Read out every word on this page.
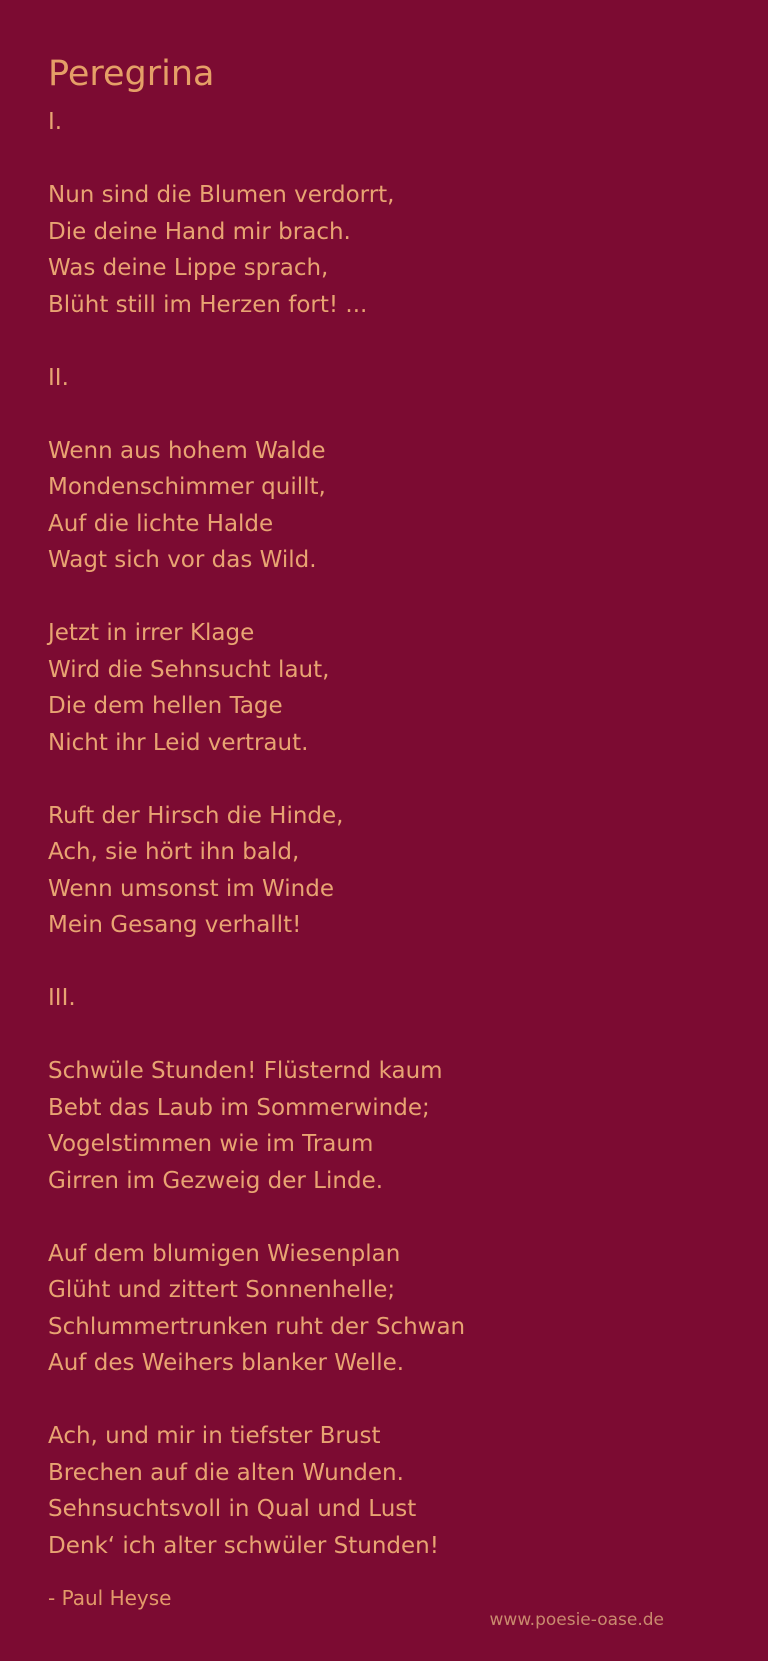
Peregrina
I.
Nun sind die Blumen verdorrt,
Die deine Hand mir brach.
Was deine Lippe sprach,
Blüht still im Herzen fort! ...
II.
Wenn aus hohem Walde
Mondenschimmer quillt,
Auf die lichte Halde
Wagt sich vor das Wild.
Jetzt in irrer Klage
Wird die Sehnsucht laut,
Die dem hellen Tage
Nicht ihr Leid vertraut.
Ruft der Hirsch die Hinde,
Ach, sie hört ihn bald,
Wenn umsonst im Winde
Mein Gesang verhallt!
III.
Schwüle Stunden! Flüsternd kaum
Bebt das Laub im Sommerwinde;
Vogelstimmen wie im Traum
Girren im Gezweig der Linde.
Auf dem blumigen Wiesenplan
Glüht und zittert Sonnenhelle;
Schlummertrunken ruht der Schwan
Auf des Weihers blanker Welle.
Ach, und mir in tiefster Brust
Brechen auf die alten Wunden.
Sehnsuchtsvoll in Qual und Lust
Denk‘ ich alter schwüler Stunden!
- Paul Heyse
www.poesie-oase.de
